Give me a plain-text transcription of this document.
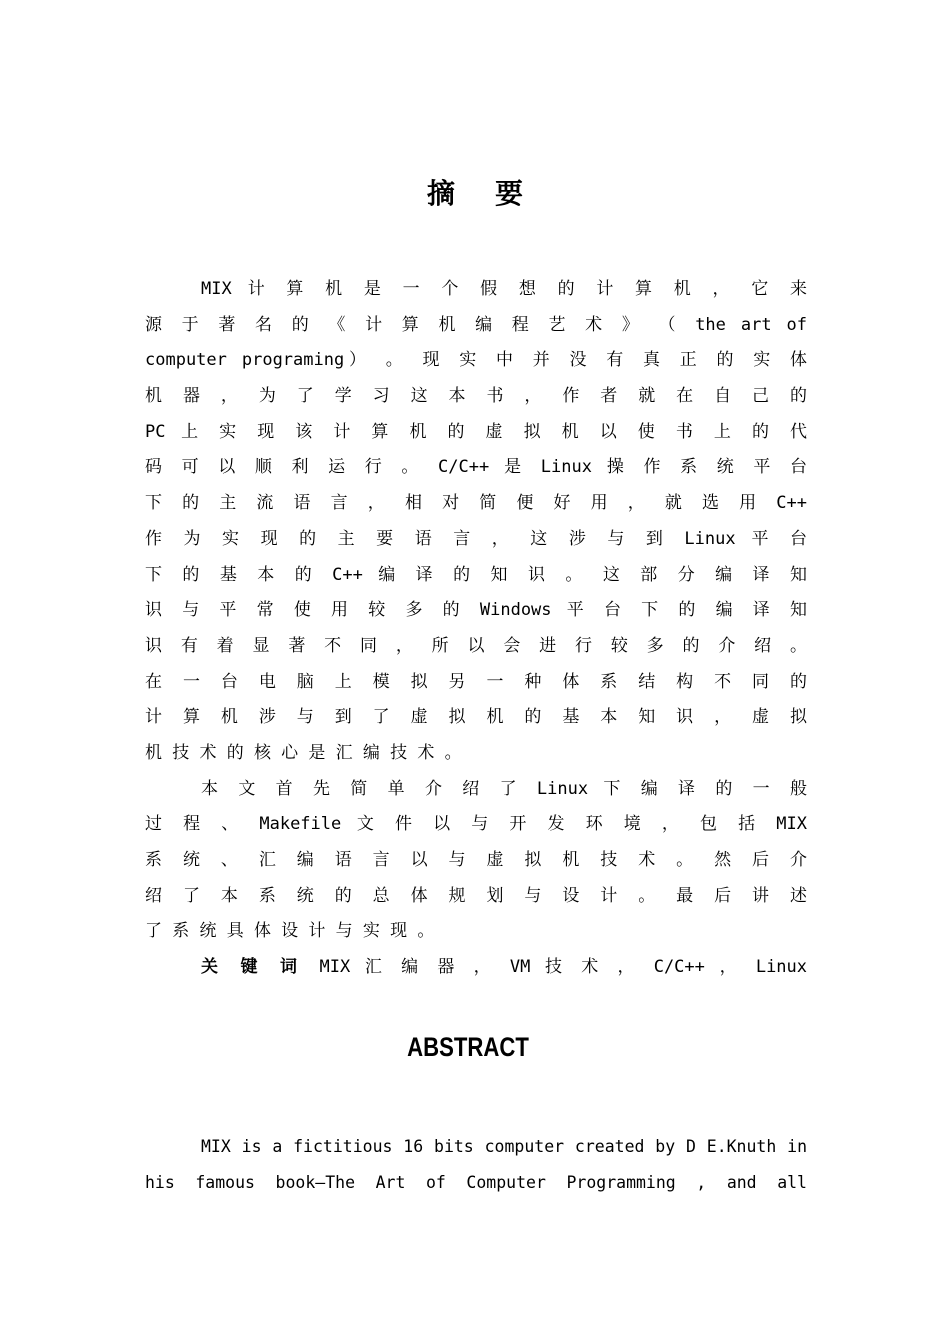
摘要
MIX 计 算 机 是 一 个 假 想 的 计 算 机 ， 它 来
源 于 著 名 的 《 计 算 机 编 程 艺 术 》 （ the art of
computer programing） 。 现 实 中 并 没 有 真 正 的 实 体
机 器 ， 为 了 学 习 这 本 书 ， 作 者 就 在 自 己 的
PC 上 实 现 该 计 算 机 的 虚 拟 机 以 使 书 上 的 代
码 可 以 顺 利 运 行 。 C/C++ 是 Linux 操 作 系 统 平 台
下 的 主 流 语 言 ， 相 对 简 便 好 用 ， 就 选 用 C++
作 为 实 现 的 主 要 语 言 ， 这 涉 与 到 Linux 平 台
下 的 基 本 的 C++ 编 译 的 知 识 。 这 部 分 编 译 知
识 与 平 常 使 用 较 多 的 Windows 平 台 下 的 编 译 知
识 有 着 显 著 不 同 ， 所 以 会 进 行 较 多 的 介 绍 。
在 一 台 电 脑 上 模 拟 另 一 种 体 系 结 构 不 同 的
计 算 机 涉 与 到 了 虚 拟 机 的 基 本 知 识 ， 虚 拟
机 技 术 的 核 心 是 汇 编 技 术 。
本 文 首 先 简 单 介 绍 了 Linux 下 编 译 的 一 般
过 程 、 Makefile 文 件 以 与 开 发 环 境 ， 包 括 MIX
系 统 、 汇 编 语 言 以 与 虚 拟 机 技 术 。 然 后 介
绍 了 本 系 统 的 总 体 规 划 与 设 计 。 最 后 讲 述
了 系 统 具 体 设 计 与 实 现 。
关键词MIX 汇 编 器 ， VM 技 术 ， C/C++ ， Linux
ABSTRACT
MIX is a fictitious 16 bits computer created by D E.Knuth in
his famous book—The Art of Computer Programming , and all
